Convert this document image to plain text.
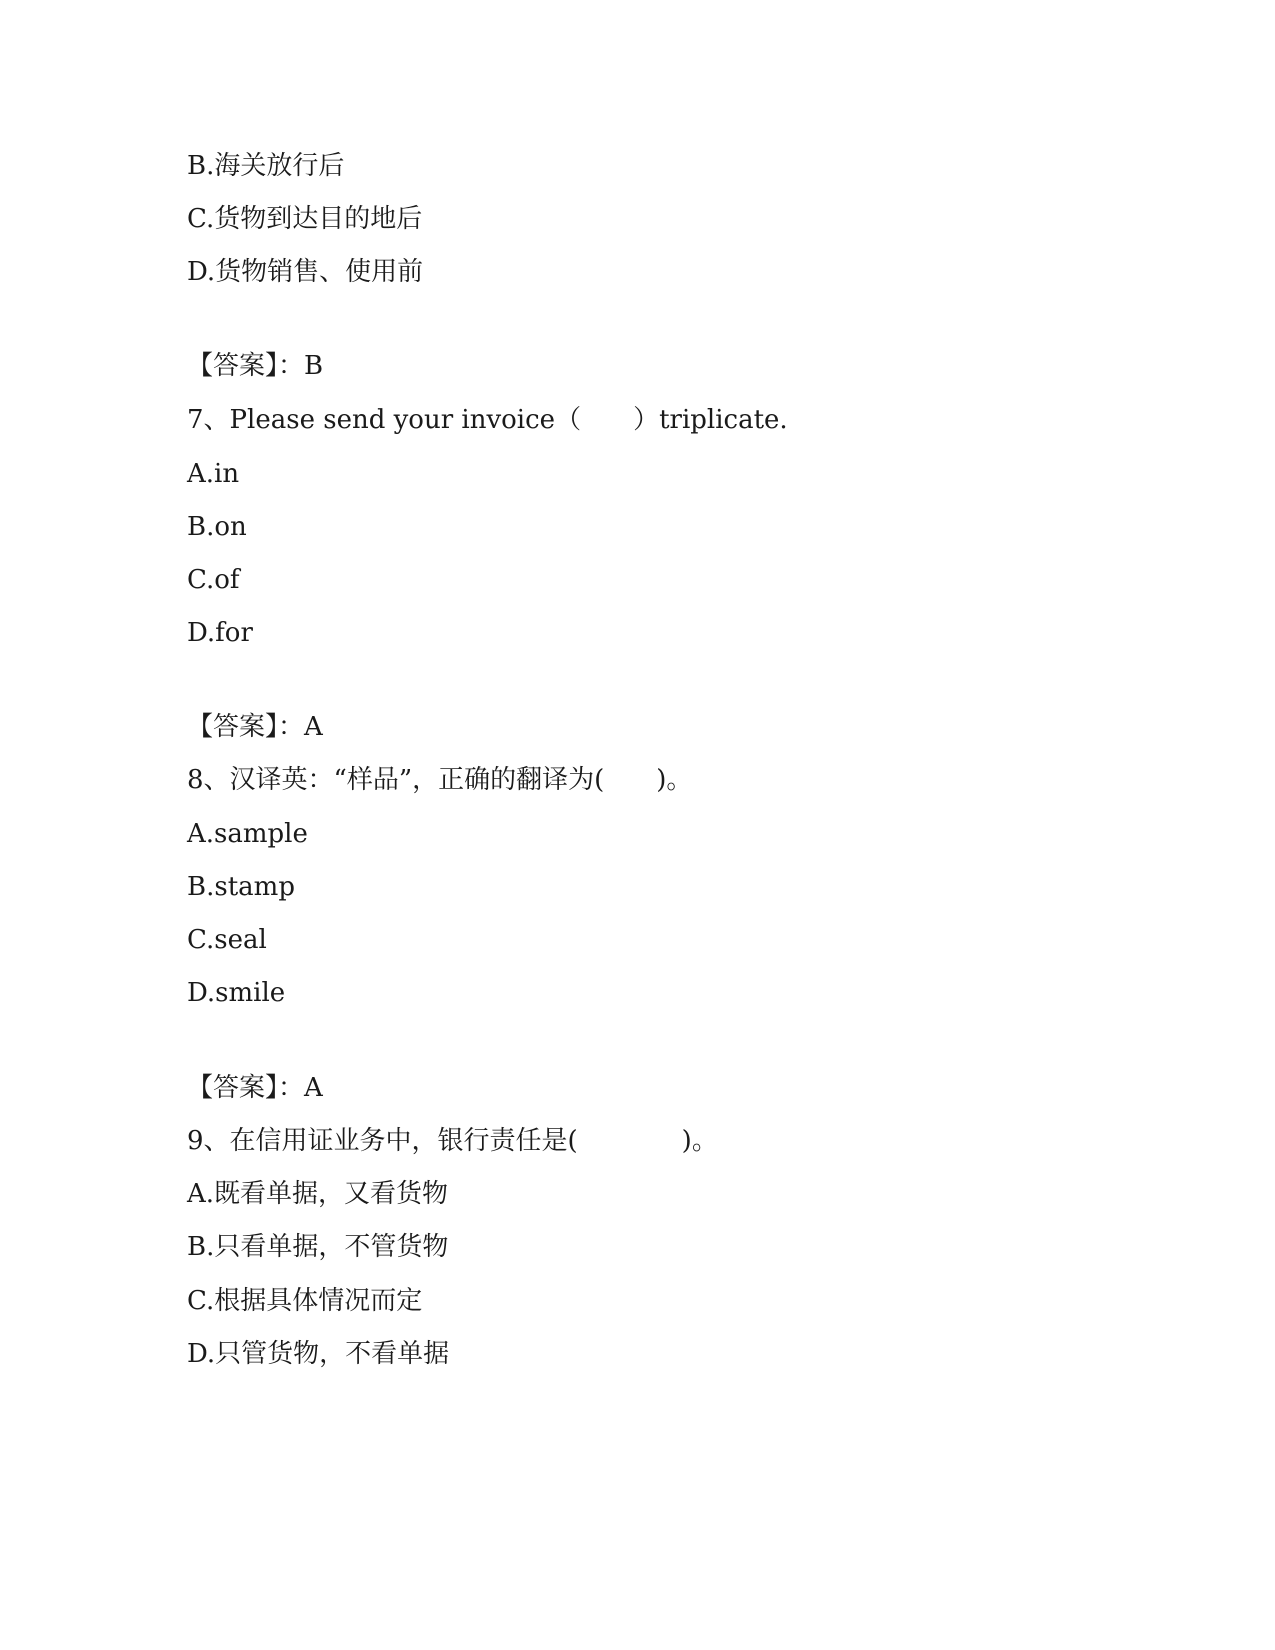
B.海关放行后
C.货物到达目的地后
D.货物销售、使用前
【答案】：B
7、Please send your invoice（　　）triplicate.
A.in
B.on
C.of
D.for
【答案】：A
8、汉译英：“样品”，正确的翻译为(　　)。
A.sample
B.stamp
C.seal
D.smile
【答案】：A
9、在信用证业务中，银行责任是(　　　　)。
A.既看单据，又看货物
B.只看单据，不管货物
C.根据具体情况而定
D.只管货物，不看单据
